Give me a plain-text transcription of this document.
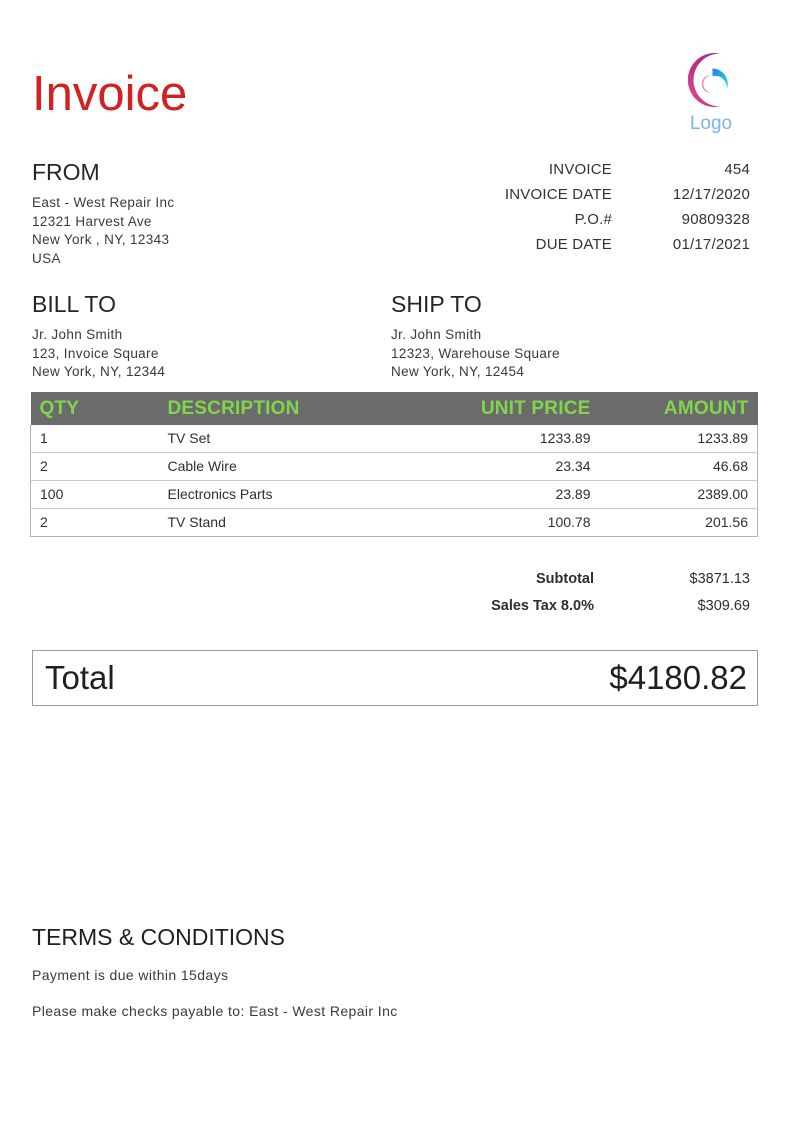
Invoice
Logo
FROM
East - West Repair Inc
12321 Harvest Ave
New York , NY, 12343
USA
INVOICE	454
INVOICE DATE	12/17/2020
P.O.#	90809328
DUE DATE	01/17/2021
BILL TO
Jr. John Smith
123, Invoice Square
New York, NY, 12344
SHIP TO
Jr. John Smith
12323, Warehouse Square
New York, NY, 12454
QTY	DESCRIPTION	UNIT PRICE	AMOUNT
1	TV Set	1233.89	1233.89
2	Cable Wire	23.34	46.68
100	Electronics Parts	23.89	2389.00
2	TV Stand	100.78	201.56
Subtotal	$3871.13
Sales Tax 8.0%	$309.69
Total	$4180.82
TERMS & CONDITIONS
Payment is due within 15days
Please make checks payable to: East - West Repair Inc
